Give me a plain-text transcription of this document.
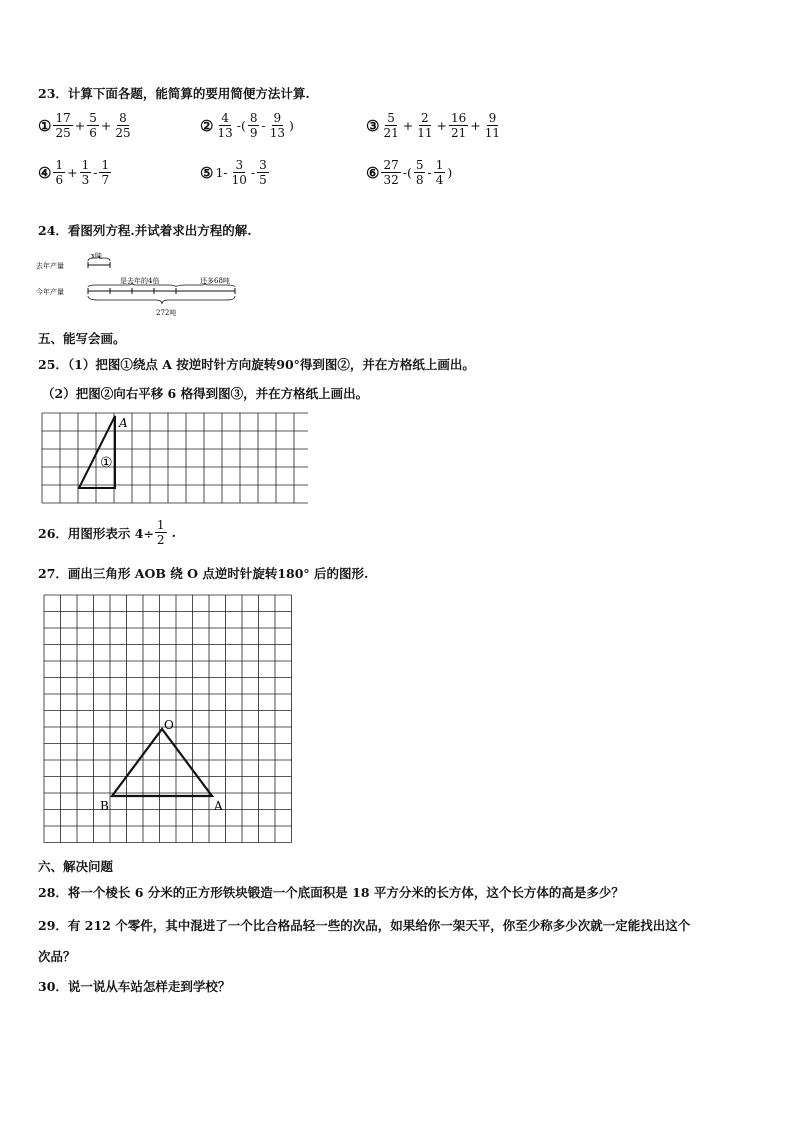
23．计算下面各题，能简算的要用简便方法计算.
① $\frac{17}{25} + \frac{5}{6} + \frac{8}{25}$	② $\frac{4}{13}$ -( $\frac{8}{9} - \frac{9}{13}$ )	③ $\frac{5}{21} + \frac{2}{11} + \frac{16}{21} + \frac{9}{11}$
④ $\frac{1}{6} + \frac{1}{3} - \frac{1}{7}$	⑤ $1- \frac{3}{10} - \frac{3}{5}$	⑥ $\frac{27}{32}$ -( $\frac{5}{8} - \frac{1}{4}$ )
24．看图列方程.并试着求出方程的解.
去年产量
今年产量
x吨
是去年的4倍	还多68吨
272吨
五、能写会画。
25．（1）把图①绕点 A 按逆时针方向旋转90°得到图②，并在方格纸上画出。
（2）把图②向右平移 6 格得到图③，并在方格纸上画出。
A
①
26．用图形表示 $4\div \frac{1}{2}$ .
27．画出三角形 AOB 绕 O 点逆时针旋转180° 后的图形.
O
B	A
六、解决问题
28．将一个棱长 6 分米的正方形铁块锻造一个底面积是 18 平方分米的长方体，这个长方体的高是多少？
29．有 212 个零件，其中混进了一个比合格品轻一些的次品，如果给你一架天平，你至少称多少次就一定能找出这个
次品？
30．说一说从车站怎样走到学校？
